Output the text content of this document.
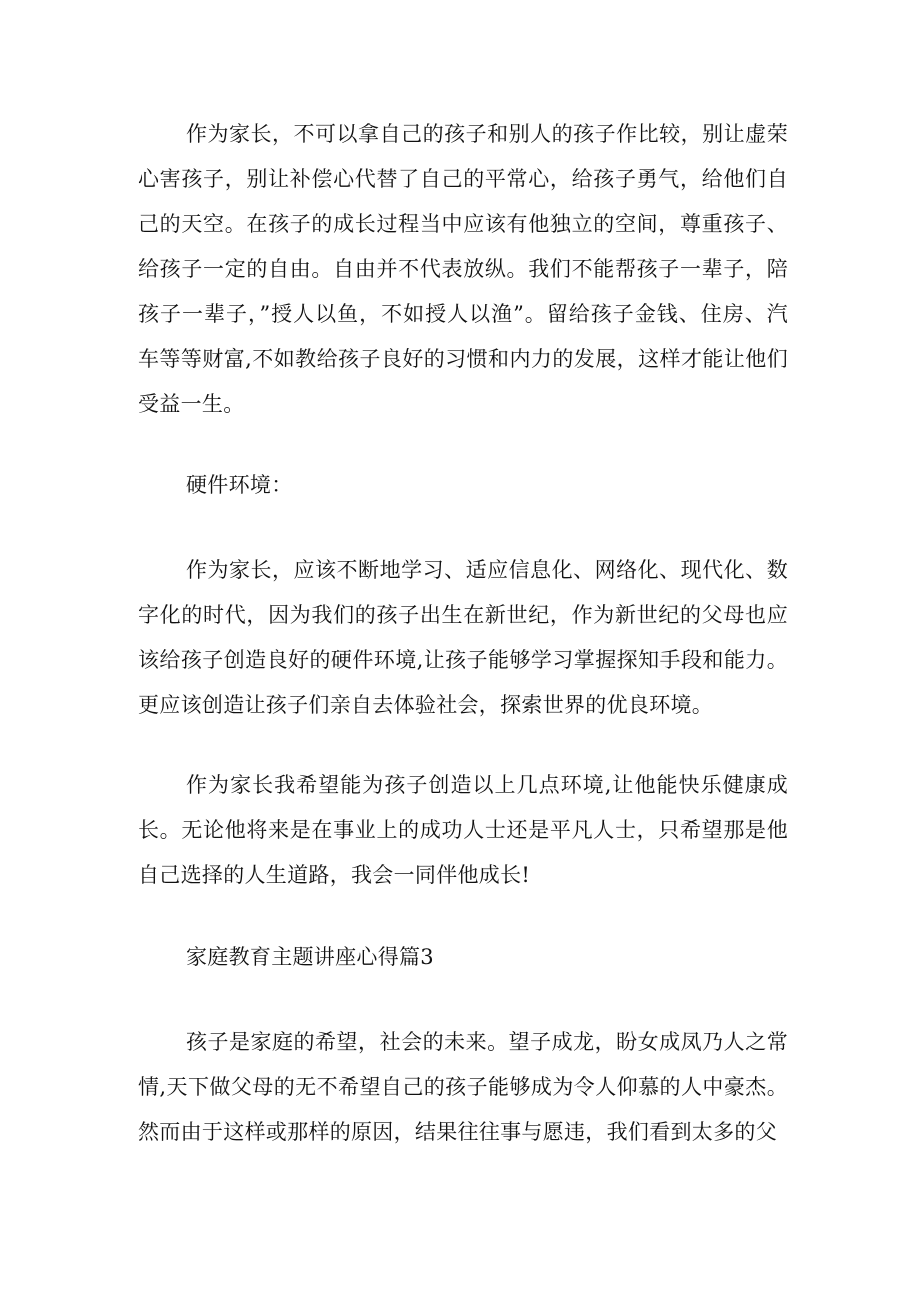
作为家长，不可以拿自己的孩子和别人的孩子作比较，别让虚荣心害孩子，别让补偿心代替了自己的平常心，给孩子勇气，给他们自己的天空。在孩子的成长过程当中应该有他独立的空间，尊重孩子、给孩子一定的自由。自由并不代表放纵。我们不能帮孩子一辈子，陪孩子一辈子，”授人以鱼，不如授人以渔”。留给孩子金钱、住房、汽车等等财富,不如教给孩子良好的习惯和内力的发展，这样才能让他们受益一生。

硬件环境：

作为家长，应该不断地学习、适应信息化、网络化、现代化、数字化的时代，因为我们的孩子出生在新世纪，作为新世纪的父母也应该给孩子创造良好的硬件环境,让孩子能够学习掌握探知手段和能力。更应该创造让孩子们亲自去体验社会，探索世界的优良环境。

作为家长我希望能为孩子创造以上几点环境,让他能快乐健康成长。无论他将来是在事业上的成功人士还是平凡人士，只希望那是他自己选择的人生道路，我会一同伴他成长!

家庭教育主题讲座心得篇3

孩子是家庭的希望，社会的未来。望子成龙，盼女成凤乃人之常情,天下做父母的无不希望自己的孩子能够成为令人仰慕的人中豪杰。然而由于这样或那样的原因，结果往往事与愿违，我们看到太多的父
